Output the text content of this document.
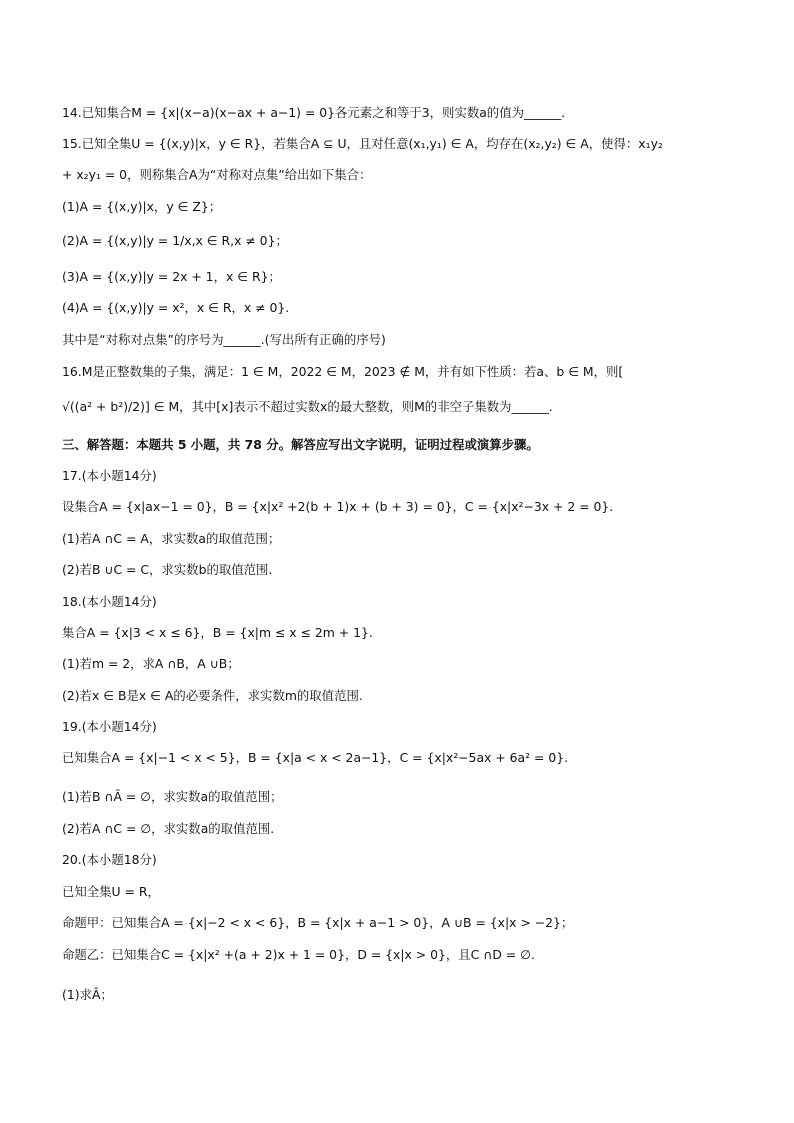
14.已知集合M = {x|(x−a)(x−ax + a−1) = 0}各元素之和等于3，则实数a的值为______.
15.已知全集U = {(x,y)|x，y ∈ R}，若集合A ⊆ U，且对任意(x₁,y₁) ∈ A，均存在(x₂,y₂) ∈ A，使得：x₁y₂
+ x₂y₁ = 0，则称集合A为“对称对点集”给出如下集合：
(1)A = {(x,y)|x，y ∈ Z}；
(2)A = {(x,y)|y = 1/x,x ∈ R,x ≠ 0}；
(3)A = {(x,y)|y = 2x + 1，x ∈ R}；
(4)A = {(x,y)|y = x²，x ∈ R，x ≠ 0}.
其中是“对称对点集”的序号为______.(写出所有正确的序号)
16.M是正整数集的子集，满足：1 ∈ M，2022 ∈ M，2023 ∉ M，并有如下性质：若a、b ∈ M，则[
√((a² + b²)/2)] ∈ M，其中[x]表示不超过实数x的最大整数，则M的非空子集数为______.
三、解答题：本题共 5 小题，共 78 分。解答应写出文字说明，证明过程或演算步骤。
17.(本小题14分)
设集合A = {x|ax−1 = 0}，B = {x|x² +2(b + 1)x + (b + 3) = 0}，C = {x|x²−3x + 2 = 0}.
(1)若A ∩C = A，求实数a的取值范围；
(2)若B ∪C = C，求实数b的取值范围.
18.(本小题14分)
集合A = {x|3 < x ≤ 6}，B = {x|m ≤ x ≤ 2m + 1}.
(1)若m = 2，求A ∩B，A ∪B；
(2)若x ∈ B是x ∈ A的必要条件，求实数m的取值范围.
19.(本小题14分)
已知集合A = {x|−1 < x < 5}，B = {x|a < x < 2a−1}，C = {x|x²−5ax + 6a² = 0}.
(1)若B ∩Ā = ∅，求实数a的取值范围；
(2)若A ∩C = ∅，求实数a的取值范围.
20.(本小题18分)
已知全集U = R，
命题甲：已知集合A = {x|−2 < x < 6}，B = {x|x + a−1 > 0}，A ∪B = {x|x > −2}；
命题乙：已知集合C = {x|x² +(a + 2)x + 1 = 0}，D = {x|x > 0}，且C ∩D = ∅.
(1)求Ā；
